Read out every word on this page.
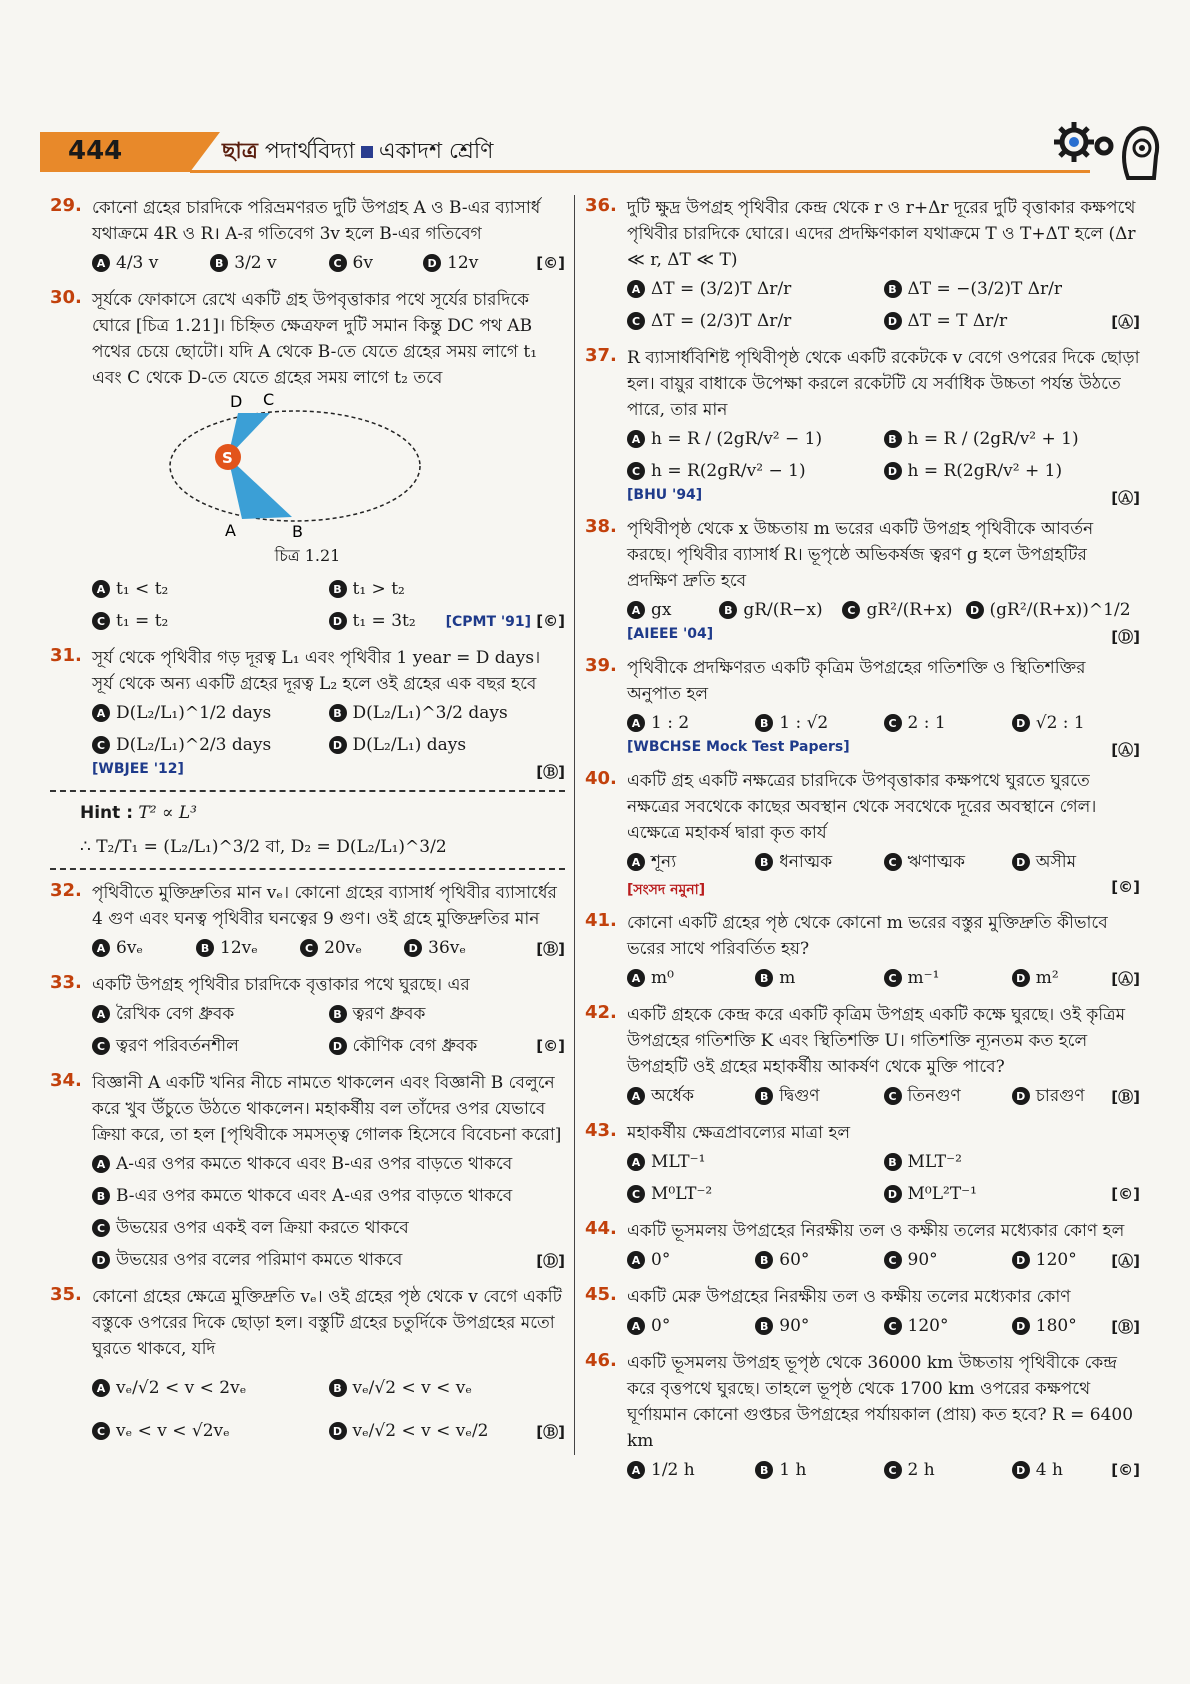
444	ছাত্ৰ পদার্থবিদ্যা একাদশ শ্রেণি
29. কোনো গ্রহের চারদিকে পরিভ্রমণরত দুটি উপগ্রহ A ও B-এর ব্যাসার্ধ যথাক্রমে 4R ও R। A-র গতিবেগ 3v হলে B-এর গতিবেগ
A 4/3 v	B 3/2 v	C 6v	D 12v	[©]
30. সূর্যকে ফোকাসে রেখে একটি গ্রহ উপবৃত্তাকার পথে সূর্যের চারদিকে ঘোরে [চিত্র 1.21]। চিহ্নিত ক্ষেত্রফল দুটি সমান কিন্তু DC পথ AB পথের চেয়ে ছোটো। যদি A থেকে B-তে যেতে গ্রহের সময় লাগে t₁ এবং C থেকে D-তে যেতে গ্রহের সময় লাগে t₂ তবে
S
D C
A	B
চিত্র 1.21
A t₁ < t₂	B t₁ > t₂
C t₁ = t₂	D t₁ = 3t₂ [CPMT '91] [©]
31. সূর্য থেকে পৃথিবীর গড় দূরত্ব L₁ এবং পৃথিবীর 1 year = D days। সূর্য থেকে অন্য একটি গ্রহের দূরত্ব L₂ হলে ওই গ্রহের এক বছর হবে
A D(L₂/L₁)^1/2 days	B D(L₂/L₁)^3/2 days
C D(L₂/L₁)^2/3 days	D D(L₂/L₁) days
[WBJEE '12]	[Ⓑ]
Hint : T² ∝ L³
∴ T₂/T₁ = (L₂/L₁)^3/2 বা, D₂ = D(L₂/L₁)^3/2
32. পৃথিবীতে মুক্তিদ্রুতির মান vₑ। কোনো গ্রহের ব্যাসার্ধ পৃথিবীর ব্যাসার্ধের 4 গুণ এবং ঘনত্ব পৃথিবীর ঘনত্বের 9 গুণ। ওই গ্রহে মুক্তিদ্রুতির মান
A 6vₑ	B 12vₑ	C 20vₑ	D 36vₑ	[Ⓑ]
33. একটি উপগ্রহ পৃথিবীর চারদিকে বৃত্তাকার পথে ঘুরছে। এর
A রৈখিক বেগ ধ্রুবক	B ত্বরণ ধ্রুবক
C ত্বরণ পরিবর্তনশীল	D কৌণিক বেগ ধ্রুবক	[©]
34. বিজ্ঞানী A একটি খনির নীচে নামতে থাকলেন এবং বিজ্ঞানী B বেলুনে করে খুব উঁচুতে উঠতে থাকলেন। মহাকর্ষীয় বল তাঁদের ওপর যেভাবে ক্রিয়া করে, তা হল [পৃথিবীকে সমসত্ত্ব গোলক হিসেবে বিবেচনা করো]
A A-এর ওপর কমতে থাকবে এবং B-এর ওপর বাড়তে থাকবে
B B-এর ওপর কমতে থাকবে এবং A-এর ওপর বাড়তে থাকবে
C উভয়ের ওপর একই বল ক্রিয়া করতে থাকবে
D উভয়ের ওপর বলের পরিমাণ কমতে থাকবে	[Ⓓ]
35. কোনো গ্রহের ক্ষেত্রে মুক্তিদ্রুতি vₑ। ওই গ্রহের পৃষ্ঠ থেকে v বেগে একটি বস্তুকে ওপরের দিকে ছোড়া হল। বস্তুটি গ্রহের চতুর্দিকে উপগ্রহের মতো ঘুরতে থাকবে, যদি
A vₑ/√2 < v < 2vₑ	B vₑ/√2 < v < vₑ
C vₑ < v < √2vₑ	D vₑ/√2 < v < vₑ/2	[Ⓑ]
36. দুটি ক্ষুদ্র উপগ্রহ পৃথিবীর কেন্দ্র থেকে r ও r+Δr দূরের দুটি বৃত্তাকার কক্ষপথে পৃথিবীর চারদিকে ঘোরে। এদের প্রদক্ষিণকাল যথাক্রমে T ও T+ΔT হলে (Δr ≪ r, ΔT ≪ T)
A ΔT = (3/2)T Δr/r	B ΔT = −(3/2)T Δr/r
C ΔT = (2/3)T Δr/r	D ΔT = T Δr/r	[Ⓐ]
37. R ব্যাসার্ধবিশিষ্ট পৃথিবীপৃষ্ঠ থেকে একটি রকেটকে v বেগে ওপরের দিকে ছোড়া হল। বায়ুর বাধাকে উপেক্ষা করলে রকেটটি যে সর্বাধিক উচ্চতা পর্যন্ত উঠতে পারে, তার মান
A h = R / (2gR/v² − 1)	B h = R / (2gR/v² + 1)
C h = R(2gR/v² − 1)	D h = R(2gR/v² + 1)
[BHU '94]	[Ⓐ]
38. পৃথিবীপৃষ্ঠ থেকে x উচ্চতায় m ভরের একটি উপগ্রহ পৃথিবীকে আবর্তন করছে। পৃথিবীর ব্যাসার্ধ R। ভূপৃষ্ঠে অভিকর্ষজ ত্বরণ g হলে উপগ্রহটির প্রদক্ষিণ দ্রুতি হবে
A gx	B gR/(R−x)	C gR²/(R+x)	D (gR²/(R+x))^1/2
[AIEEE '04]	[Ⓓ]
39. পৃথিবীকে প্রদক্ষিণরত একটি কৃত্রিম উপগ্রহের গতিশক্তি ও স্থিতিশক্তির অনুপাত হল
A 1 : 2	B 1 : √2	C 2 : 1	D √2 : 1
[WBCHSE Mock Test Papers]	[Ⓐ]
40. একটি গ্রহ একটি নক্ষত্রের চারদিকে উপবৃত্তাকার কক্ষপথে ঘুরতে ঘুরতে নক্ষত্রের সবথেকে কাছের অবস্থান থেকে সবথেকে দূরের অবস্থানে গেল। এক্ষেত্রে মহাকর্ষ দ্বারা কৃত কার্য
A শূন্য	B ধনাত্মক	C ঋণাত্মক	D অসীম
[সংসদ নমুনা]	[©]
41. কোনো একটি গ্রহের পৃষ্ঠ থেকে কোনো m ভরের বস্তুর মুক্তিদ্রুতি কীভাবে ভরের সাথে পরিবর্তিত হয়?
A m⁰	B m	C m⁻¹	D m²	[Ⓐ]
42. একটি গ্রহকে কেন্দ্র করে একটি কৃত্রিম উপগ্রহ একটি কক্ষে ঘুরছে। ওই কৃত্রিম উপগ্রহের গতিশক্তি K এবং স্থিতিশক্তি U। গতিশক্তি ন্যূনতম কত হলে উপগ্রহটি ওই গ্রহের মহাকর্ষীয় আকর্ষণ থেকে মুক্তি পাবে?
A অর্ধেক	B দ্বিগুণ	C তিনগুণ	D চারগুণ [Ⓑ]
43. মহাকর্ষীয় ক্ষেত্রপ্রাবল্যের মাত্রা হল
A MLT⁻¹	B MLT⁻²
C M⁰LT⁻²	D M⁰L²T⁻¹	[©]
44. একটি ভূসমলয় উপগ্রহের নিরক্ষীয় তল ও কক্ষীয় তলের মধ্যেকার কোণ হল
A 0°	B 60°	C 90°	D 120° [Ⓐ]
45. একটি মেরু উপগ্রহের নিরক্ষীয় তল ও কক্ষীয় তলের মধ্যেকার কোণ
A 0°	B 90°	C 120°	D 180° [Ⓑ]
46. একটি ভূসমলয় উপগ্রহ ভূপৃষ্ঠ থেকে 36000 km উচ্চতায় পৃথিবীকে কেন্দ্র করে বৃত্তপথে ঘুরছে। তাহলে ভূপৃষ্ঠ থেকে 1700 km ওপরের কক্ষপথে ঘূর্ণায়মান কোনো গুপ্তচর উপগ্রহের পর্যায়কাল (প্রায়) কত হবে? R = 6400 km
A 1/2 h	B 1 h	C 2 h	D 4 h	[©]
